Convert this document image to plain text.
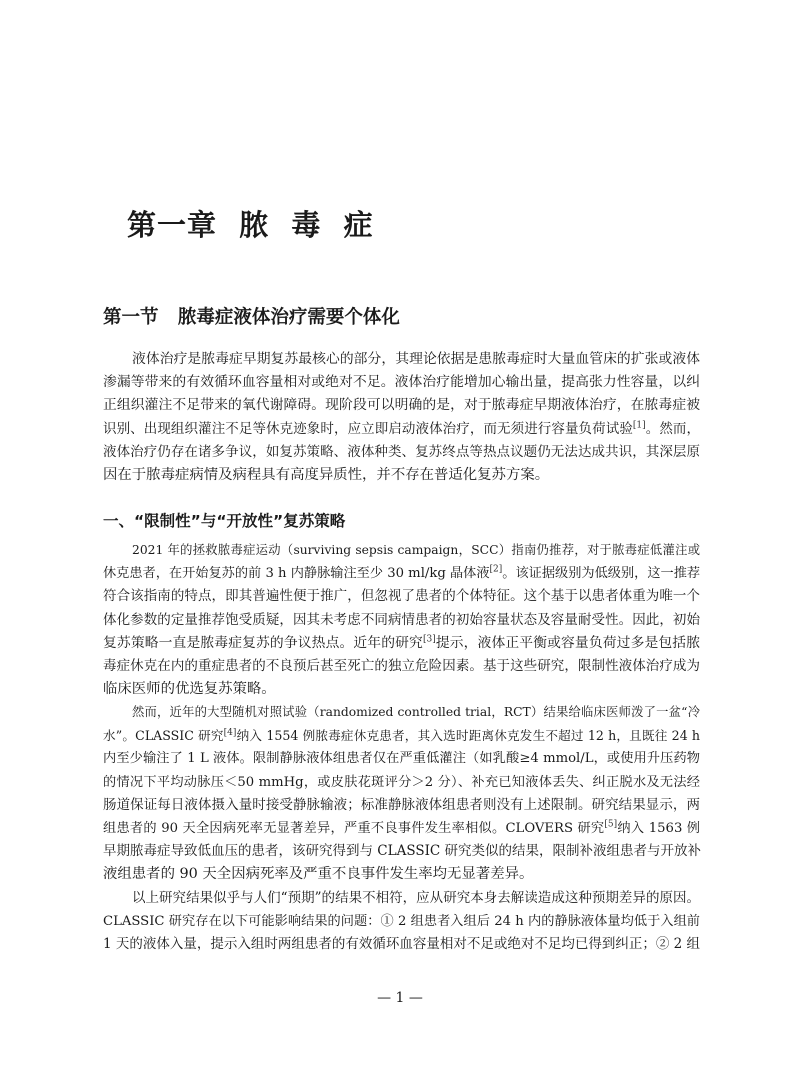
第一章  脓  毒  症
第一节   脓毒症液体治疗需要个体化
液体治疗是脓毒症早期复苏最核心的部分，其理论依据是患脓毒症时大量血管床的扩张或液体
渗漏等带来的有效循环血容量相对或绝对不足。液体治疗能增加心输出量，提高张力性容量，以纠
正组织灌注不足带来的氧代谢障碍。现阶段可以明确的是，对于脓毒症早期液体治疗，在脓毒症被
识别、出现组织灌注不足等休克迹象时，应立即启动液体治疗，而无须进行容量负荷试验[1]。然而，
液体治疗仍存在诸多争议，如复苏策略、液体种类、复苏终点等热点议题仍无法达成共识，其深层原
因在于脓毒症病情及病程具有高度异质性，并不存在普适化复苏方案。
一、“限制性”与“开放性”复苏策略
2021 年的拯救脓毒症运动（surviving sepsis campaign，SCC）指南仍推荐，对于脓毒症低灌注或
休克患者，在开始复苏的前 3 h 内静脉输注至少 30 ml/kg 晶体液[2]。该证据级别为低级别，这一推荐
符合该指南的特点，即其普遍性便于推广，但忽视了患者的个体特征。这个基于以患者体重为唯一个
体化参数的定量推荐饱受质疑，因其未考虑不同病情患者的初始容量状态及容量耐受性。因此，初始
复苏策略一直是脓毒症复苏的争议热点。近年的研究[3]提示，液体正平衡或容量负荷过多是包括脓
毒症休克在内的重症患者的不良预后甚至死亡的独立危险因素。基于这些研究，限制性液体治疗成为
临床医师的优选复苏策略。
然而，近年的大型随机对照试验（randomized controlled trial，RCT）结果给临床医师泼了一盆“冷
水”。CLASSIC 研究[4]纳入 1554 例脓毒症休克患者，其入选时距离休克发生不超过 12 h，且既往 24 h
内至少输注了 1 L 液体。限制静脉液体组患者仅在严重低灌注（如乳酸≥4 mmol/L，或使用升压药物
的情况下平均动脉压＜50 mmHg，或皮肤花斑评分＞2 分）、补充已知液体丢失、纠正脱水及无法经
肠道保证每日液体摄入量时接受静脉输液；标准静脉液体组患者则没有上述限制。研究结果显示，两
组患者的 90 天全因病死率无显著差异，严重不良事件发生率相似。CLOVERS 研究[5]纳入 1563 例
早期脓毒症导致低血压的患者，该研究得到与 CLASSIC 研究类似的结果，限制补液组患者与开放补
液组患者的 90 天全因病死率及严重不良事件发生率均无显著差异。
以上研究结果似乎与人们“预期”的结果不相符，应从研究本身去解读造成这种预期差异的原因。
CLASSIC 研究存在以下可能影响结果的问题：① 2 组患者入组后 24 h 内的静脉液体量均低于入组前
1 天的液体入量，提示入组时两组患者的有效循环血容量相对不足或绝对不足均已得到纠正；② 2 组
— 1 —
